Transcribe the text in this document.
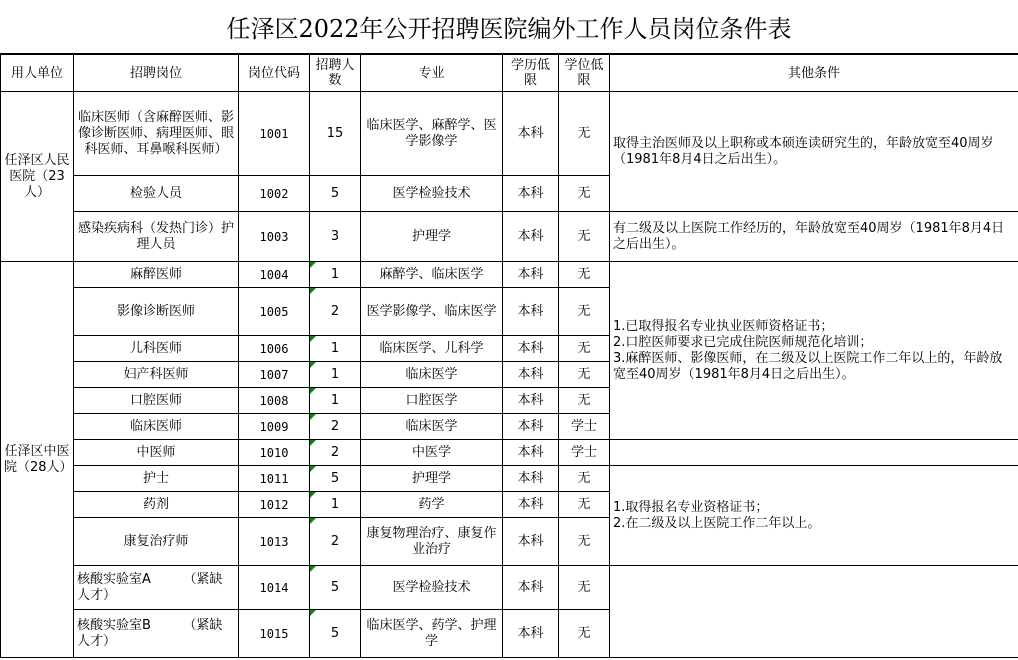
任泽区2022年公开招聘医院编外工作人员岗位条件表
用人单位	招聘岗位	岗位代码	招聘人数	专业	学历低限	学位低限	其他条件
任泽区人民医院（23人）	临床医师（含麻醉医师、影像诊断医师、病理医师、眼科医师、耳鼻喉科医师）	1001	15	临床医学、麻醉学、医学影像学	本科	无	取得主治医师及以上职称或本硕连读研究生的，年龄放宽至40周岁（1981年8月4日之后出生）。
	检验人员	1002	5	医学检验技术	本科	无	
	感染疾病科（发热门诊）护理人员	1003	3	护理学	本科	无	有二级及以上医院工作经历的，年龄放宽至40周岁（1981年8月4日之后出生）。
任泽区中医院（28人）	麻醉医师	1004	1	麻醉学、临床医学	本科	无	1.已取得报名专业执业医师资格证书；
2.口腔医师要求已完成住院医师规范化培训；
3.麻醉医师、影像医师，在二级及以上医院工作二年以上的，年龄放宽至40周岁（1981年8月4日之后出生）。

	影像诊断医师	1005	2	医学影像学、临床医学	本科	无	
	儿科医师	1006	1	临床医学、儿科学	本科	无	
	妇产科医师	1007	1	临床医学	本科	无	
	口腔医师	1008	1	口腔医学	本科	无	
	临床医师	1009	2	临床医学	本科	学士	
	中医师	1010	2	中医学	本科	学士	
	护士	1011	5	护理学	本科	无	1.取得报名专业资格证书；
2.在二级及以上医院工作二年以上。

	药剂	1012	1	药学	本科	无	
	康复治疗师	1013	2	康复物理治疗、康复作业治疗	本科	无	
	核酸实验室A　　　（紧缺人才）	1014	5	医学检验技术	本科	无	
	核酸实验室B　　　（紧缺人才）	1015	5	临床医学、药学、护理学	本科	无	
